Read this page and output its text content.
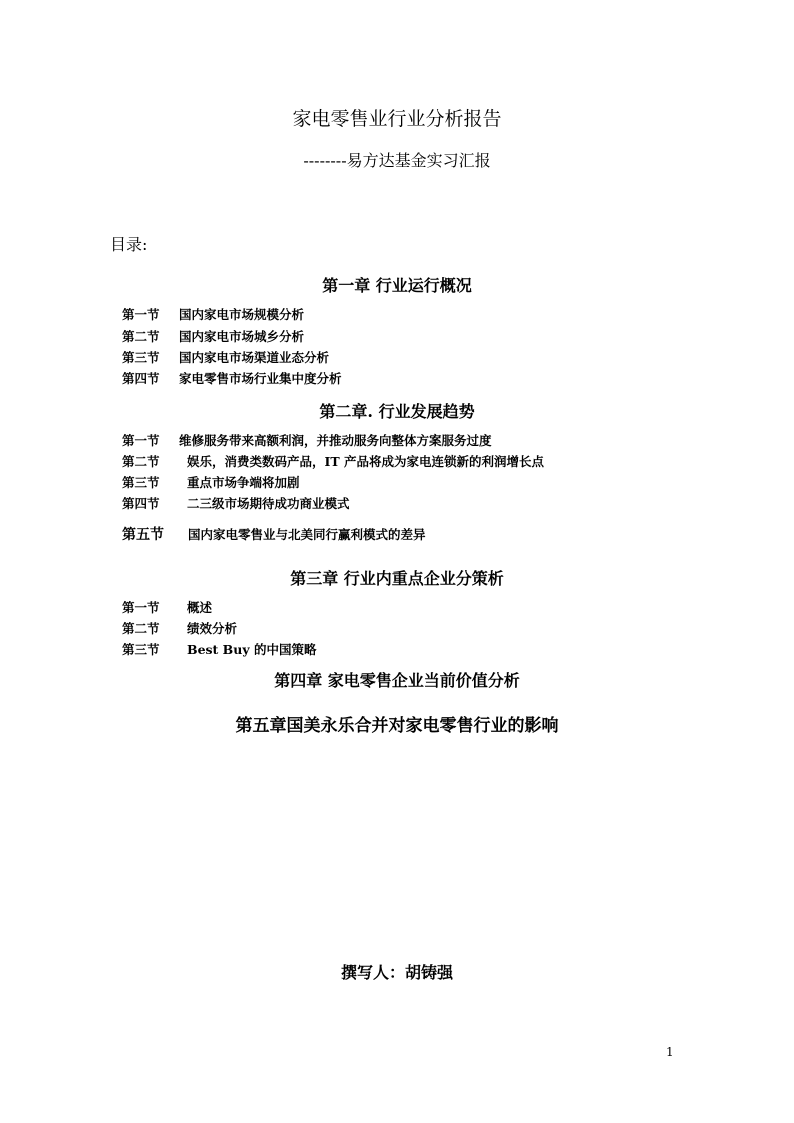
家电零售业行业分析报告
--------易方达基金实习汇报
目录:
第一章 行业运行概况
第一节 国内家电市场规模分析
第二节 国内家电市场城乡分析
第三节 国内家电市场渠道业态分析
第四节 家电零售市场行业集中度分析
第二章. 行业发展趋势
第一节 维修服务带来高额利润，并推动服务向整体方案服务过度
第二节 娱乐，消费类数码产品，IT 产品将成为家电连锁新的利润增长点
第三节 重点市场争端将加剧
第四节 二三级市场期待成功商业模式
第五节 国内家电零售业与北美同行赢利模式的差异
第三章 行业内重点企业分策析
第一节 概述
第二节 绩效分析
第三节 Best Buy 的中国策略
第四章 家电零售企业当前价值分析
第五章国美永乐合并对家电零售行业的影响
撰写人：胡铸强
1
